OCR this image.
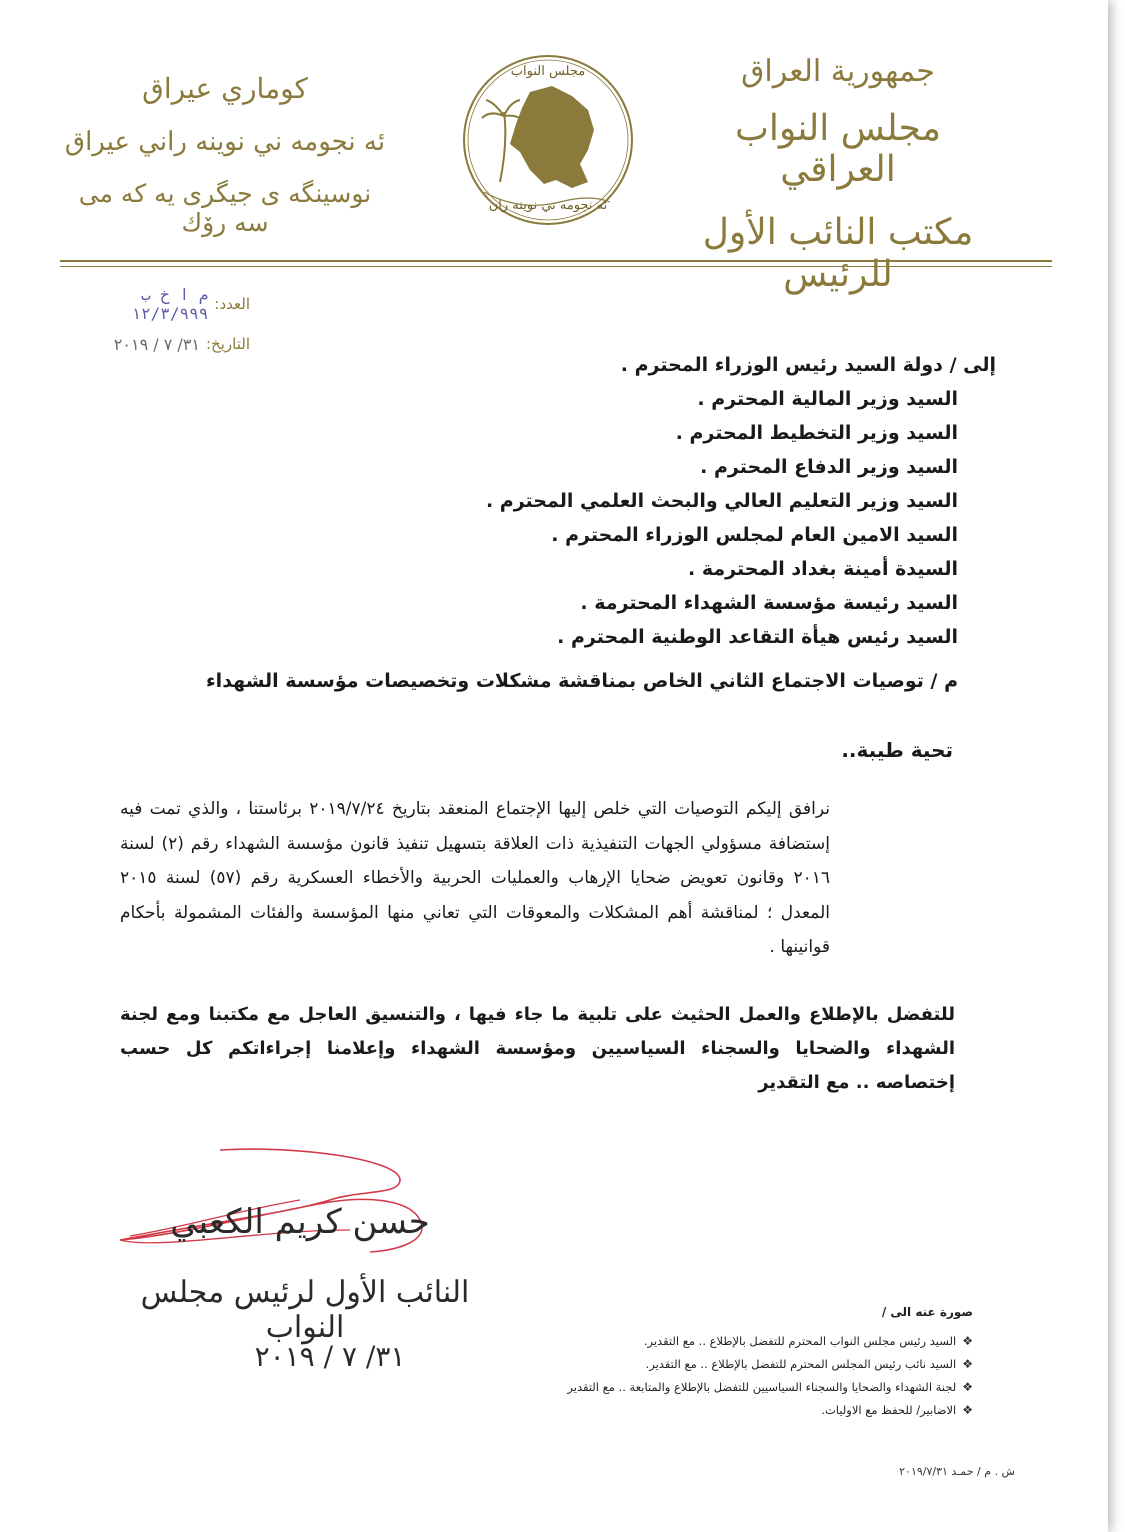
جمهورية العراق
مجلس النواب العراقي
مكتب النائب الأول للرئيس
مجلس النواب
ئه نجومه ني نوينه ران
كوماري عيراق
ئه نجومه ني نوينه راني عيراق
نوسينگه ى جيگرى يه كه مى سه رۆك
العدد:
م ا خ ب ١٢/٣/٩٩٩
التاريخ:
٣١/ ٧ / ٢٠١٩
إلى / دولة السيد رئيس الوزراء المحترم .
السيد وزير المالية المحترم .
السيد وزير التخطيط المحترم .
السيد وزير الدفاع المحترم .
السيد وزير التعليم العالي والبحث العلمي المحترم .
السيد الامين العام لمجلس الوزراء المحترم .
السيدة أمينة بغداد المحترمة .
السيد رئيسة مؤسسة الشهداء المحترمة .
السيد رئيس هيأة التقاعد الوطنية المحترم .
م / توصيات الاجتماع الثاني الخاص بمناقشة مشكلات وتخصيصات مؤسسة الشهداء
تحية طيبة..
نرافق إليكم التوصيات التي خلص إليها الإجتماع المنعقد بتاريخ ٢٠١٩/٧/٢٤ برئاستنا ، والذي تمت فيه إستضافة مسؤولي الجهات التنفيذية ذات العلاقة بتسهيل تنفيذ قانون مؤسسة الشهداء رقم (٢) لسنة ٢٠١٦ وقانون تعويض ضحايا الإرهاب والعمليات الحربية والأخطاء العسكرية رقم (٥٧) لسنة ٢٠١٥ المعدل ؛ لمناقشة أهم المشكلات والمعوقات التي تعاني منها المؤسسة والفئات المشمولة بأحكام قوانينها .
للتفضل بالإطلاع والعمل الحثيث على تلبية ما جاء فيها ، والتنسيق العاجل مع مكتبنا ومع لجنة الشهداء والضحايا والسجناء السياسيين ومؤسسة الشهداء وإعلامنا إجراءاتكم كل حسب إختصاصه .. مع التقدير
حسن كريم الكعبي
النائب الأول لرئيس مجلس النواب
٣١/ ٧ / ٢٠١٩
صورة عنه الى /
❖
السيد رئيس مجلس النواب المحترم للتفضل بالإطلاع .. مع التقدير.
❖
السيد نائب رئيس المجلس المحترم للتفضل بالإطلاع .. مع التقدير.
❖
لجنة الشهداء والضحايا والسجناء السياسيين للتفضل بالإطلاع والمتابعة .. مع التقدير
❖
الاضابير/ للحفظ مع الاوليات.
ش . م / حمـد ٢٠١٩/٧/٣١
